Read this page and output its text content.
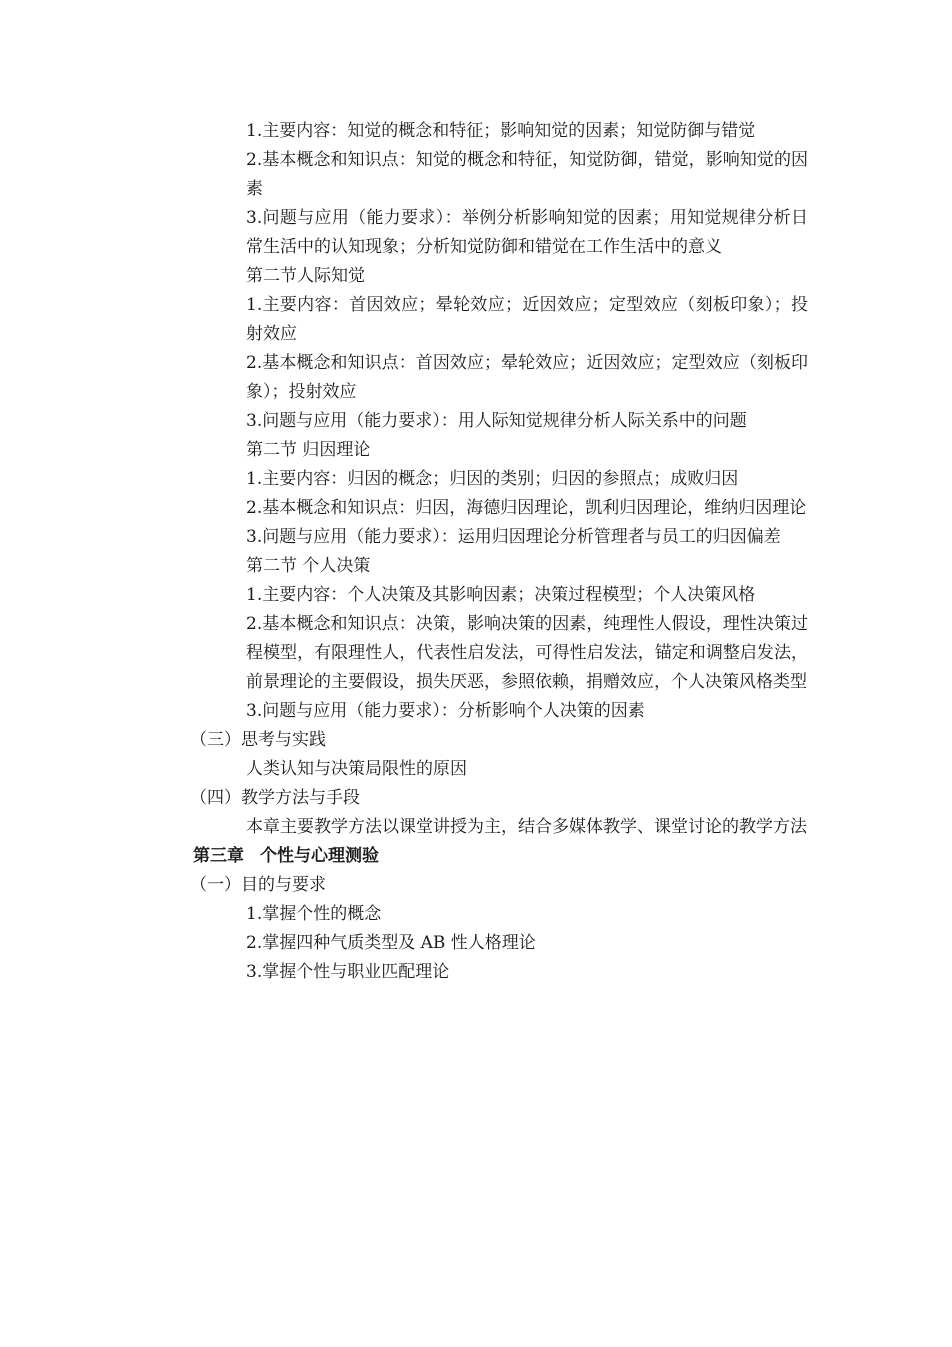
1.主要内容：知觉的概念和特征；影响知觉的因素；知觉防御与错觉

2.基本概念和知识点：知觉的概念和特征，知觉防御，错觉，影响知觉的因素

3.问题与应用（能力要求）：举例分析影响知觉的因素；用知觉规律分析日常生活中的认知现象；分析知觉防御和错觉在工作生活中的意义

第二节人际知觉

1.主要内容：首因效应；晕轮效应；近因效应；定型效应（刻板印象）；投射效应

2.基本概念和知识点：首因效应；晕轮效应；近因效应；定型效应（刻板印象）；投射效应

3.问题与应用（能力要求）：用人际知觉规律分析人际关系中的问题

第二节 归因理论

1.主要内容：归因的概念；归因的类别；归因的参照点；成败归因

2.基本概念和知识点：归因，海德归因理论，凯利归因理论，维纳归因理论

3.问题与应用（能力要求）：运用归因理论分析管理者与员工的归因偏差

第二节 个人决策

1.主要内容：个人决策及其影响因素；决策过程模型；个人决策风格

2.基本概念和知识点：决策，影响决策的因素，纯理性人假设，理性决策过程模型，有限理性人，代表性启发法，可得性启发法，锚定和调整启发法，前景理论的主要假设，损失厌恶，参照依赖，捐赠效应，个人决策风格类型

3.问题与应用（能力要求）：分析影响个人决策的因素

（三）思考与实践

人类认知与决策局限性的原因

（四）教学方法与手段

本章主要教学方法以课堂讲授为主，结合多媒体教学、课堂讨论的教学方法

第三章 个性与心理测验

（一）目的与要求

1.掌握个性的概念

2.掌握四种气质类型及 AB 性人格理论

3.掌握个性与职业匹配理论
